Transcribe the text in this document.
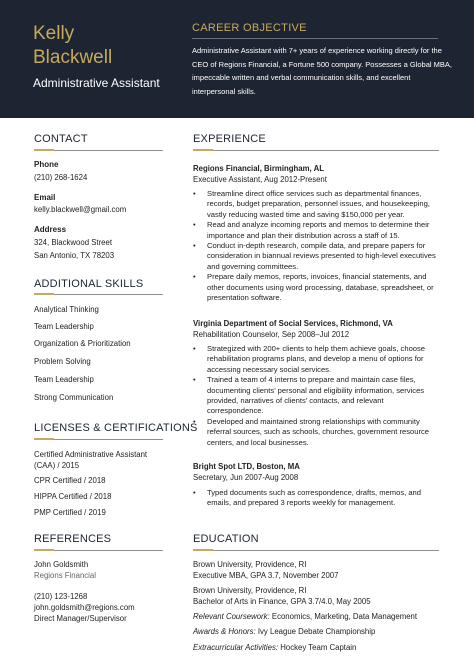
Kelly
Blackwell
Administrative Assistant
CAREER OBJECTIVE
Administrative Assistant with 7+ years of experience working directly for the CEO of Regions Financial, a Fortune 500 company. Possesses a Global MBA, impeccable written and verbal communication skills, and excellent interpersonal skills.
CONTACT
Phone
(210) 268-1624
Email
kelly.blackwell@gmail.com
Address
324, Blackwood Street
San Antonio, TX 78203
ADDITIONAL SKILLS
Analytical Thinking
Team Leadership
Organization & Prioritization
Problem Solving
Team Leadership
Strong Communication
LICENSES & CERTIFICATIONS
Certified Administrative Assistant
(CAA) / 2015
CPR Certified / 2018
HIPPA Certified / 2018
PMP Certified / 2019
REFERENCES
John Goldsmith
Regions Financial
(210) 123-1268
john.goldsmith@regions.com
Direct Manager/Supervisor
EXPERIENCE
Regions Financial, Birmingham, AL
Executive Assistant, Aug 2012-Present
• Streamline direct office services such as departmental finances, records, budget preparation, personnel issues, and housekeeping, vastly reducing wasted time and saving $150,000 per year.
• Read and analyze incoming reports and memos to determine their importance and plan their distribution across a staff of 15.
• Conduct in-depth research, compile data, and prepare papers for consideration in biannual reviews presented to high-level executives and governing committees.
• Prepare daily memos, reports, invoices, financial statements, and other documents using word processing, database, spreadsheet, or presentation software.
Virginia Department of Social Services, Richmond, VA
Rehabilitation Counselor, Sep 2008–Jul 2012
• Strategized with 200+ clients to help them achieve goals, choose rehabilitation programs plans, and develop a menu of options for accessing necessary social services.
• Trained a team of 4 interns to prepare and maintain case files, documenting clients’ personal and eligibility information, services provided, narratives of clients’ contacts, and relevant correspondence.
• Developed and maintained strong relationships with community referral sources, such as schools, churches, government resource centers, and local businesses.
Bright Spot LTD, Boston, MA
Secretary, Jun 2007-Aug 2008
• Typed documents such as correspondence, drafts, memos, and emails, and prepared 3 reports weekly for management.
EDUCATION
Brown University, Providence, RI
Executive MBA, GPA 3.7, November 2007
Brown University, Providence, RI
Bachelor of Arts in Finance, GPA 3.7/4.0, May 2005
Relevant Coursework: Economics, Marketing, Data Management
Awards & Honors: Ivy League Debate Championship
Extracurricular Activities: Hockey Team Captain
